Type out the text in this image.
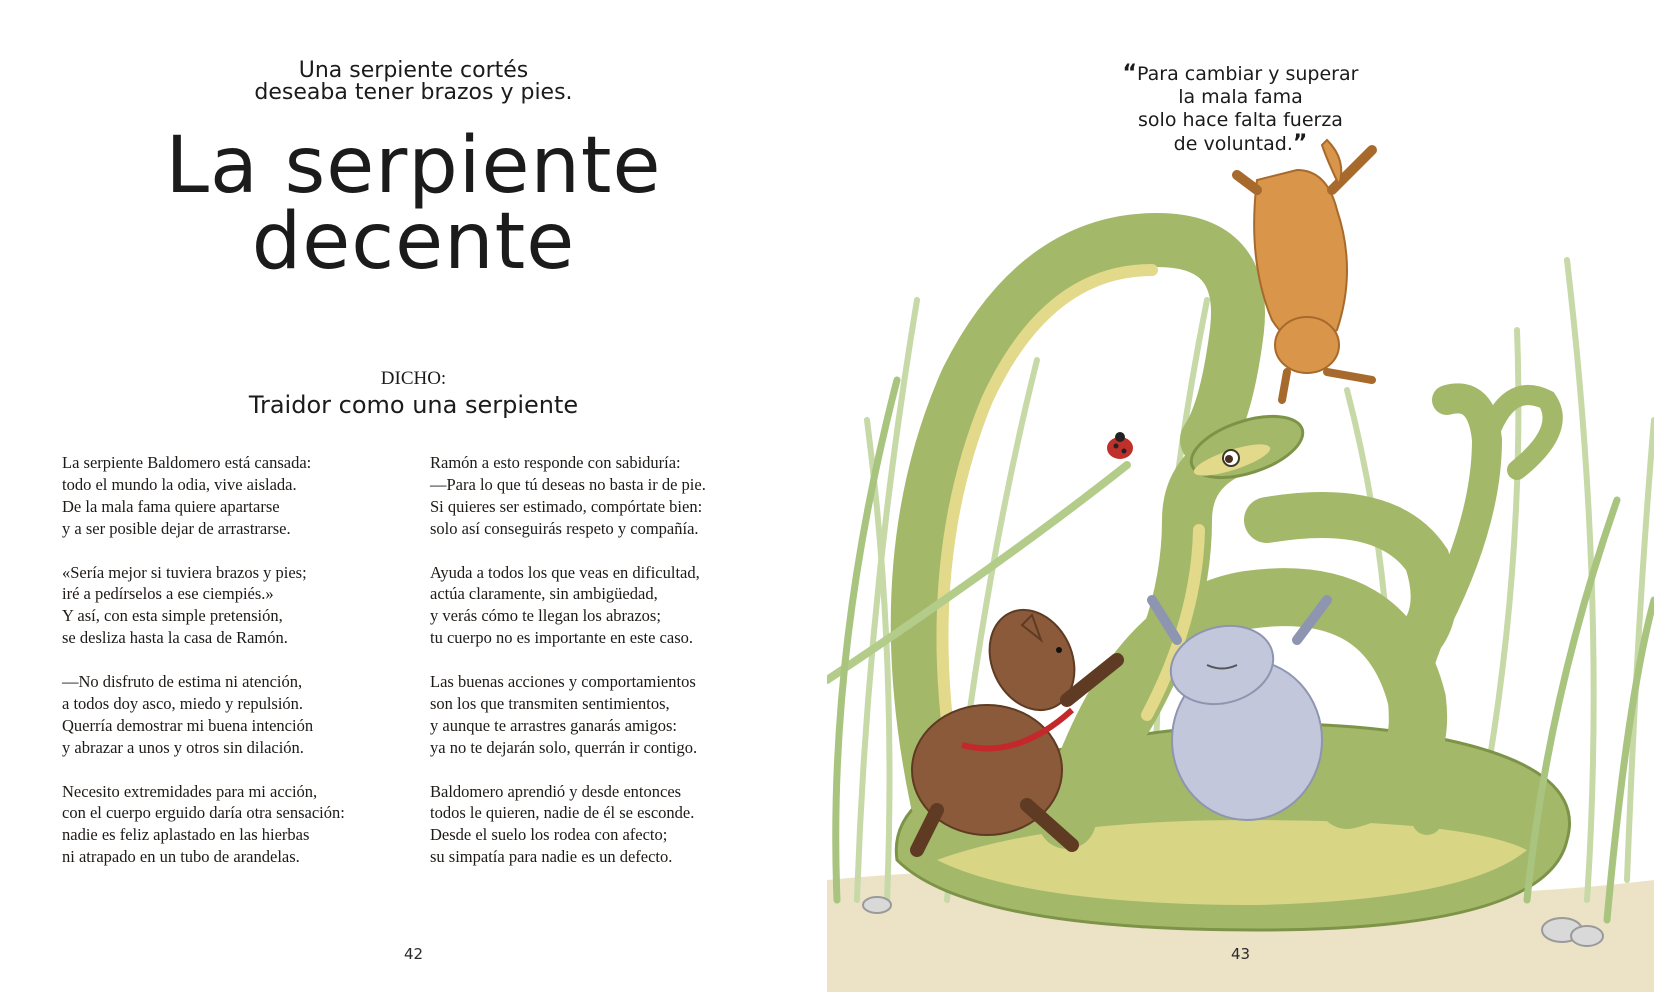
Una serpiente cortés
deseaba tener brazos y pies.
La serpiente
decente
DICHO:
Traidor como una serpiente
La serpiente Baldomero está cansada:
todo el mundo la odia, vive aislada.
De la mala fama quiere apartarse
y a ser posible dejar de arrastrarse.
«Sería mejor si tuviera brazos y pies;
iré a pedírselos a ese ciempiés.»
Y así, con esta simple pretensión,
se desliza hasta la casa de Ramón.
—No disfruto de estima ni atención,
a todos doy asco, miedo y repulsión.
Querría demostrar mi buena intención
y abrazar a unos y otros sin dilación.
Necesito extremidades para mi acción,
con el cuerpo erguido daría otra sensación:
nadie es feliz aplastado en las hierbas
ni atrapado en un tubo de arandelas.
Ramón a esto responde con sabiduría:
—Para lo que tú deseas no basta ir de pie.
Si quieres ser estimado, compórtate bien:
solo así conseguirás respeto y compañía.
Ayuda a todos los que veas en dificultad,
actúa claramente, sin ambigüedad,
y verás cómo te llegan los abrazos;
tu cuerpo no es importante en este caso.
Las buenas acciones y comportamientos
son los que transmiten sentimientos,
y aunque te arrastres ganarás amigos:
ya no te dejarán solo, querrán ir contigo.
Baldomero aprendió y desde entonces
todos le quieren, nadie de él se esconde.
Desde el suelo los rodea con afecto;
su simpatía para nadie es un defecto.
42
“Para cambiar y superar
la mala fama
solo hace falta fuerza
de voluntad.”
43
